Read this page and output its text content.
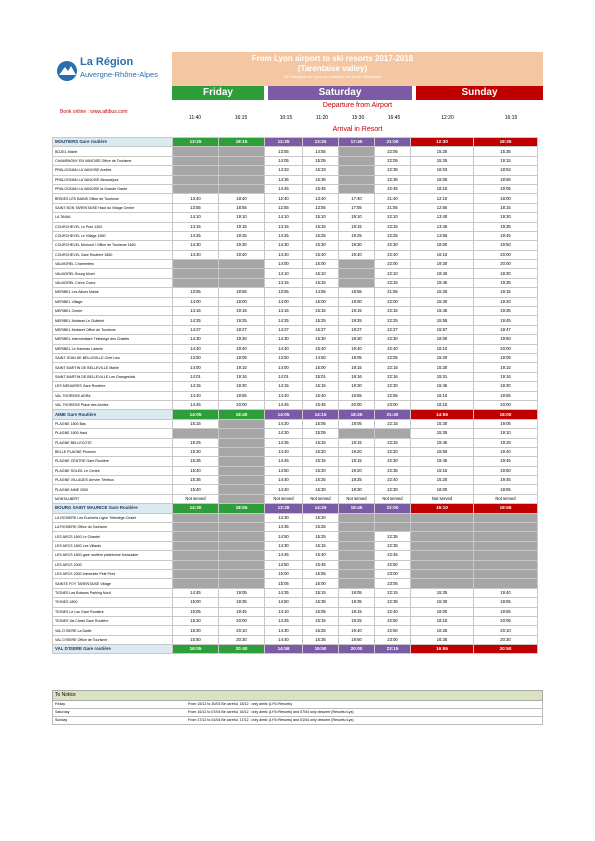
La Région
Auvergne-Rhône-Alpes
From Lyon airport to ski resorts 2017-2018
(Tarentaise valley)
De l'aéroport de Lyon aux stations de ski en Tarentaise
Book online : www.altibus.com
Friday	Saturday	Sunday
Departure from Airport
11:40	16:15	10:15	11:20	15:30	16:45	12:20	16:15
Arrival in Resort
MOUTIERS Gare routière	13:25	18:15	12:35	13:25	17:45	21:00	12:30	18:35
BOZEL Mairie			13:55	14:55		22:05	15:25	15:35
CHAMPAGNY EN VANOISE Office de Tourisme			14:05	15:05		22:05	15:25	19:15
PRALOGNAN LA VANOISE Arelles			14:33	15:33		22:35	16:03	18:53
PRALOGNAN LA VANOISE Beauséjour			14:36	15:36		22:36	16:06	18:56
PRALOGNAN LA VANOISE la Grande Garde			14:45	15:45		22:45	16:15	19:05
BRIDES LES BAINS Office de Tourisme	13:40	18:40	12:40	13:40	17:40	21:40	12:10	18:00
SAINT BON TARENTAISE Haut du Village Centre	13:55	18:55	12:55	13:55	17:55	21:55	12:55	18:15
LA TANIA	14:10	19:10	14:10	15:10	19:10	22:10	13:40	19:30
COURCHEVEL Le Praz 1300	14:15	19:15	14:15	15:15	19:15	22:15	13:45	19:35
COURCHEVEL Le Village 1550	14:25	19:25	14:25	15:25	19:25	22:25	13:55	19:45
COURCHEVEL Moriond / Office de Tourisme 1650	14:30	19:30	14:30	15:30	19:30	22:30	16:00	19:50
COURCHEVEL Gare Routière 1850	14:40	19:40	14:40	15:40	19:40	22:40	16:10	20:00
VALMOREL Charmettes			14:00	15:00		22:00	19:30	20:00
VALMOREL Bourg Morel			14:10	15:10		22:10	19:40	19:30
VALMOREL Crève Coeur			14:15	15:15		22:15	15:45	19:35
MERIBEL Les Allues Mairie	13:55	18:55	13:55	14:55	18:55	21:55	15:25	19:15
MERIBEL Village	14:00	19:00	14:00	15:00	19:00	22:00	15:30	19:20
MERIBEL Centre	14:15	19:15	14:15	15:15	19:15	22:15	15:45	19:35
MERIBEL Mottaret Le Châtelet	14:25	19:25	14:25	15:25	19:25	22:25	15:55	19:45
MERIBEL Mottaret Office de Tourisme	14:27	19:27	14:27	15:27	19:27	22:27	15:57	19:47
MERIBEL Intermédiaire Télésiège des Chalets	14:30	19:30	14:30	15:30	19:30	22:30	16:00	19:50
MERIBEL Le Hameau Laiterie	14:40	19:40	14:40	15:40	19:40	22:40	16:10	20:00
SAINT JEAN DE BELLEVILLE Chef Lieu	13:50	19:05	13:50	14:50	19:05	22:05	15:20	19:05
SAINT MARTIN DE BELLEVILLE Mairie	14:00	19:15	14:00	15:00	19:15	22:15	15:30	19:15
SAINT MARTIN DE BELLEVILLE Les Granges/ski	14:01	19:16	14:01	15:01	19:16	22:16	15:31	19:16
LES MENUIRES Gare Routière	14:15	19:30	14:15	15:15	19:30	22:30	15:45	19:30
VAL THORENS ADRA	14:40	19:55	14:40	15:40	19:55	22:55	16:10	19:55
VAL THORENS Place des Arolles	14:45	20:00	14:45	15:45	20:00	23:00	16:15	20:00
AIME Gare Routière	14:05	18:40	14:05	14:15	18:25	21:40	14:55	18:00
PLAGNE 1800 Bas	15:15		14:20	15:05	19:05	22:15	15:30	19:05
PLAGNE 1800 Haut			14:30	15:05			15:35	19:10
PLAGNE BELLECOTE	15:25		14:35	15:15	19:15	22:15	15:45	19:25
BELLE PLAGNE Phoenix	15:30		14:40	15:20	19:20	22:20	15:50	19:40
PLAGNE CENTRE Gare Routière	15:35		14:45	15:15	19:15	22:30	15:45	19:45
PLAGNE SOLEIL Le Centre	15:40		14:50	15:20	19:20	22:35	15:15	19:50
PLAGNE VILLAGES Arrivée Télébus	15:35		14:40	15:25	19:25	22:40	15:20	19:45
PLAGNE AIME 2000	15:40		14:40	15:30	19:30	22:30	16:00	19:55
MONTALBERT	Not served		Not served	Not served	Not served	Not served	Not served	Not served
BOURG SAINT MAURICE Gare Routière	14:30	18:55	13:38	14:25	18:45	22:00	15:10	18:55
LA ROSIERE Les Eucherts Ligne Télésiège Chalet			14:30	15:20				
LA ROSIERE Office du Tourisme			14:35	15:25				
LES ARCS 1600 Le Chantel			14:50	15:25		22:35		
LES ARCS 1800 Les Villards			14:30	15:15		22:35		
LES ARCS 1800 gare routière plateforme funiculaire			14:45	15:40		22:45		
LES ARCS 2000			14:50	15:45		22:50		
LES ARCS 2000 Immeuble Pelé Peet			15:00	15:55		23:00		
SAINTE FOY TARENTAISE Village			15:05	16:00		23:05		
TIGNES Les Boisses Parking Nord	14:45	19:05	14:35	15:15	19:05	22:15	15:25	19:40
TIGNES 1800	15:00	19:35	14:50	15:35	19:35	22:35	15:30	19:55
TIGNES Le Lac Gare Routière	15:05	19:45	14:10	15:05	19:15	22:40	16:00	19:55
TIGNES Val Claret Gare Routière	15:20	20:00	14:25	15:15	19:25	22:50	16:15	20:05
VAL D'ISERE La Daille	15:30	20:10	14:30	15:25	19:40	22:50	16:25	20:10
VAL D'ISERE Office de Tourisme	15:50	20:30	14:40	15:35	19:50	23:00	16:35	20:30
VAL D'ISERE Gare routière	16:05	20:40	14:58	15:50	20:00	23:15	16:55	20:50
To Notice
Friday	From 15/12 to 30/03 Be careful, 15/12 : only aimfc (LYS>Resorts)
Saturday	From 16/12 to 07/04 Be careful, 16/12 : only aimfc (LYS>Resorts) and 07/04 only descent (Resorts>Lys)
Sunday	From 17/12 to 01/04 Be careful, 17/12 : only aimfc (LYS>Resorts) and 01/04 only descent (Resorts>Lys)
